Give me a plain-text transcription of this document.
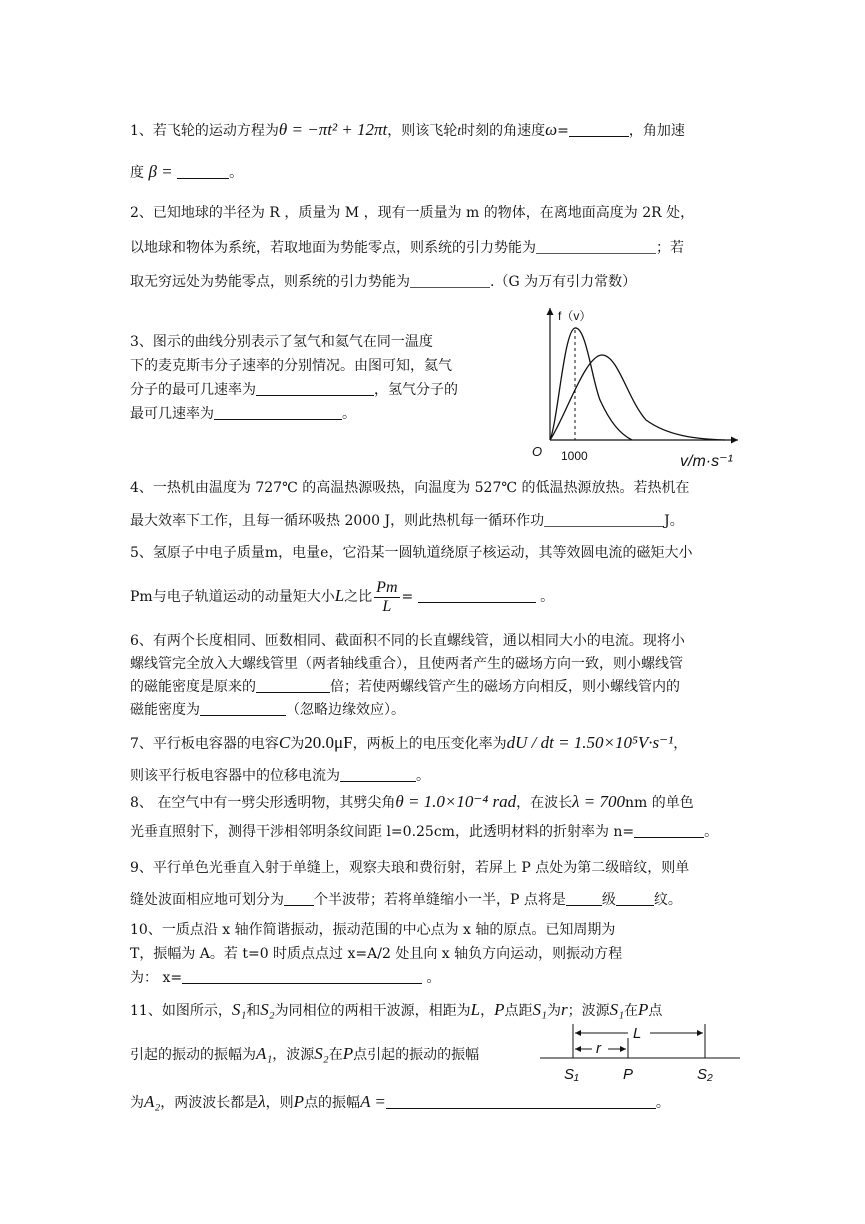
1、若飞轮的运动方程为θ = −πt² + 12πt，则该飞轮t时刻的角速度ω=	，角加速
度 β =	。
2、已知地球的半径为 R ，质量为 M ，现有一质量为 m 的物体，在离地面高度为 2R 处，
以地球和物体为系统，若取地面为势能零点，则系统的引力势能为	；若
取无穷远处为势能零点，则系统的引力势能为	.（G 为万有引力常数）
3、图示的曲线分别表示了氢气和氦气在同一温度
下的麦克斯韦分子速率的分别情况。由图可知，氦气
分子的最可几速率为	，氢气分子的
最可几速率为	。
f（v）
O 1000	v/m·s⁻¹
4、一热机由温度为 727℃ 的高温热源吸热，向温度为 527℃ 的低温热源放热。若热机在
最大效率下工作，且每一循环吸热 2000 J，则此热机每一循环作功	J。
5、氢原子中电子质量m，电量e，它沿某一圆轨道绕原子核运动，其等效圆电流的磁矩大小
Pm与电子轨道运动的动量矩大小L之比 $\frac{Pm}{L}$ =	。
6、有两个长度相同、匝数相同、截面积不同的长直螺线管，通以相同大小的电流。现将小
螺线管完全放入大螺线管里（两者轴线重合），且使两者产生的磁场方向一致，则小螺线管
的磁能密度是原来的	倍；若使两螺线管产生的磁场方向相反，则小螺线管内的
磁能密度为	（忽略边缘效应）。
7、平行板电容器的电容C为20.0μF，两板上的电压变化率为dU / dt = 1.50×10⁵V·s⁻¹，
则该平行板电容器中的位移电流为	。
8、 在空气中有一劈尖形透明物，其劈尖角θ = 1.0×10⁻⁴ rad，在波长λ = 700nm 的单色
光垂直照射下，测得干涉相邻明条纹间距 l=0.25cm，此透明材料的折射率为 n=	。
9、平行单色光垂直入射于单缝上，观察夫琅和费衍射，若屏上 P 点处为第二级暗纹，则单
缝处波面相应地可划分为 个半波带；若将单缝缩小一半，P 点将是	级	纹。
10、一质点沿 x 轴作简谐振动，振动范围的中心点为 x 轴的原点。已知周期为
T，振幅为 A。若 t=0 时质点点过 x=A/2 处且向 x 轴负方向运动，则振动方程
为： x=	。
11、如图所示，S₁和S₂为同相位的两相干波源，相距为L，P点距S₁为r；波源S₁在P点
引起的振动的振幅为A₁，波源S₂在P点引起的振动的振幅
为A₂，两波波长都是λ，则P点的振幅A =	。
L
r
S₁	P	S₂
